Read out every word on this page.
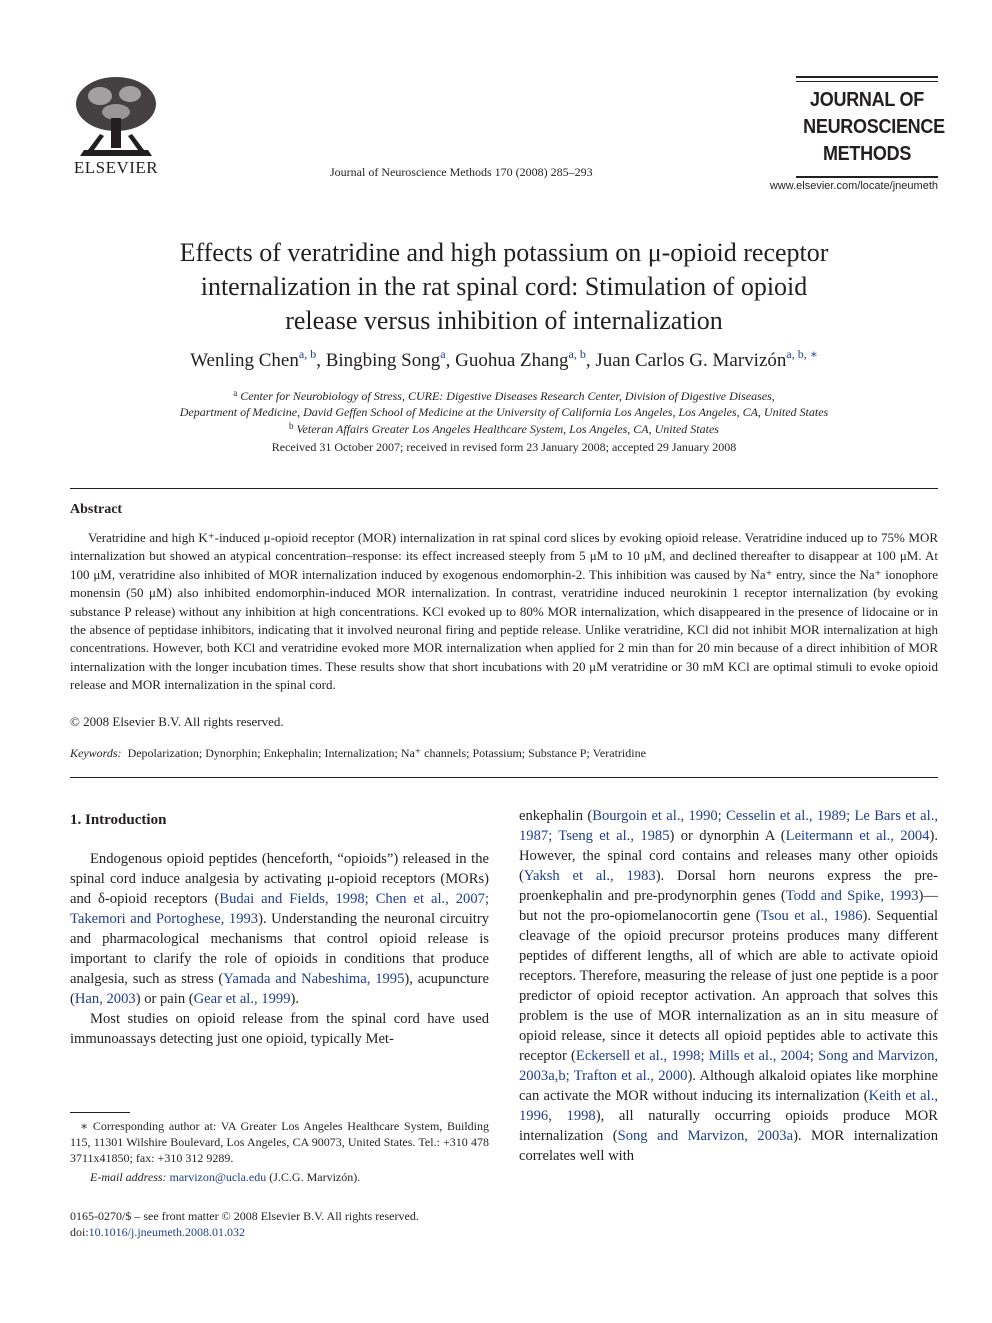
ELSEVIER	Journal of Neuroscience Methods 170 (2008) 285–293
JOURNAL OF
NEUROSCIENCE
METHODS
www.elsevier.com/locate/jneumeth
Effects of veratridine and high potassium on μ-opioid receptor
internalization in the rat spinal cord: Stimulation of opioid
release versus inhibition of internalization
Wenling Chen$^{a, b}$, Bingbing Song$^a$, Guohua Zhang$^{a, b}$, Juan Carlos G. Marvizón$^{a, b, ∗}$
$^a$ Center for Neurobiology of Stress, CURE: Digestive Diseases Research Center, Division of Digestive Diseases,
Department of Medicine, David Geffen School of Medicine at the University of California Los Angeles, Los Angeles, CA, United States
$^b$ Veteran Affairs Greater Los Angeles Healthcare System, Los Angeles, CA, United States
Received 31 October 2007; received in revised form 23 January 2008; accepted 29 January 2008
Abstract
Veratridine and high K⁺-induced μ-opioid receptor (MOR) internalization in rat spinal cord slices by evoking opioid release. Veratridine induced up to 75% MOR internalization but showed an atypical concentration–response: its effect increased steeply from 5 μM to 10 μM, and declined thereafter to disappear at 100 μM. At 100 μM, veratridine also inhibited of MOR internalization induced by exogenous endomorphin-2. This inhibition was caused by Na⁺ entry, since the Na⁺ ionophore monensin (50 μM) also inhibited endomorphin-induced MOR internalization. In contrast, veratridine induced neurokinin 1 receptor internalization (by evoking substance P release) without any inhibition at high concentrations. KCl evoked up to 80% MOR internalization, which disappeared in the presence of lidocaine or in the absence of peptidase inhibitors, indicating that it involved neuronal firing and peptide release. Unlike veratridine, KCl did not inhibit MOR internalization at high concentrations. However, both KCl and veratridine evoked more MOR internalization when applied for 2 min than for 20 min because of a direct inhibition of MOR internalization with the longer incubation times. These results show that short incubations with 20 μM veratridine or 30 mM KCl are optimal stimuli to evoke opioid release and MOR internalization in the spinal cord.
© 2008 Elsevier B.V. All rights reserved.
Keywords: Depolarization; Dynorphin; Enkephalin; Internalization; Na⁺ channels; Potassium; Substance P; Veratridine
1. Introduction

Endogenous opioid peptides (henceforth, “opioids”) released in the spinal cord induce analgesia by activating μ-opioid receptors (MORs) and δ-opioid receptors (Budai and Fields, 1998; Chen et al., 2007; Takemori and Portoghese, 1993). Understanding the neuronal circuitry and pharmacological mechanisms that control opioid release is important to clarify the role of opioids in conditions that produce analgesia, such as stress (Yamada and Nabeshima, 1995), acupuncture (Han, 2003) or pain (Gear et al., 1999).

Most studies on opioid release from the spinal cord have used immunoassays detecting just one opioid, typically Met-

enkephalin (Bourgoin et al., 1990; Cesselin et al., 1989; Le Bars et al., 1987; Tseng et al., 1985) or dynorphin A (Leitermann et al., 2004). However, the spinal cord contains and releases many other opioids (Yaksh et al., 1983). Dorsal horn neurons express the pre-proenkephalin and pre-prodynorphin genes (Todd and Spike, 1993)—but not the pro-opiomelanocortin gene (Tsou et al., 1986). Sequential cleavage of the opioid precursor proteins produces many different peptides of different lengths, all of which are able to activate opioid receptors. Therefore, measuring the release of just one peptide is a poor predictor of opioid receptor activation. An approach that solves this problem is the use of MOR internalization as an in situ measure of opioid release, since it detects all opioid peptides able to activate this receptor (Eckersell et al., 1998; Mills et al., 2004; Song and Marvizon, 2003a,b; Trafton et al., 2000). Although alkaloid opiates like morphine can activate the MOR without inducing its internalization (Keith et al., 1996, 1998), all naturally occurring opioids produce MOR internalization (Song and Marvizon, 2003a). MOR internalization correlates well with

∗ Corresponding author at: VA Greater Los Angeles Healthcare System, Building 115, 11301 Wilshire Boulevard, Los Angeles, CA 90073, United States. Tel.: +310 478 3711x41850; fax: +310 312 9289.
E-mail address: marvizon@ucla.edu (J.C.G. Marvizón).
0165-0270/$ – see front matter © 2008 Elsevier B.V. All rights reserved.
doi:10.1016/j.jneumeth.2008.01.032
